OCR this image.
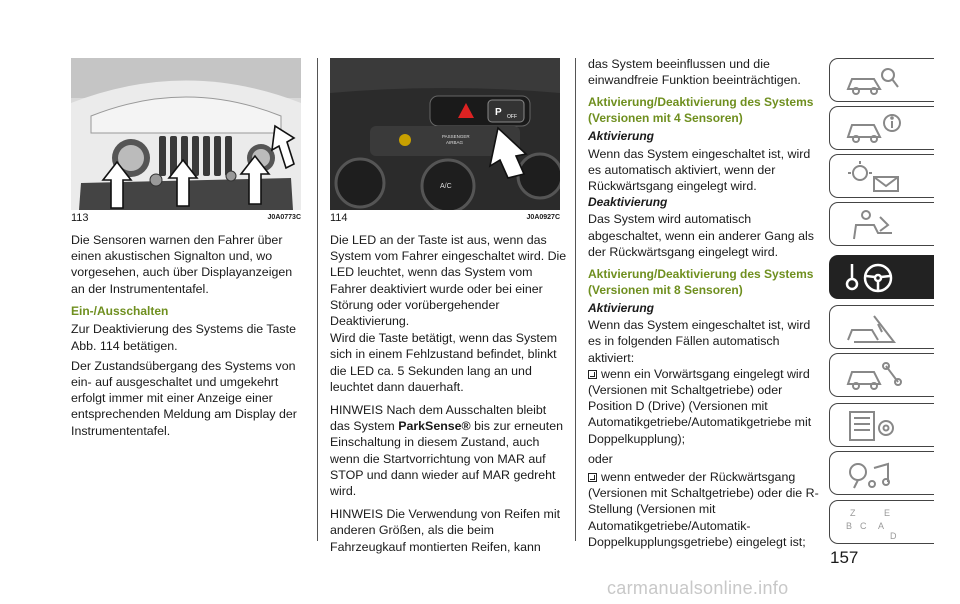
113	J0A0773C
P OFF
PASSENGER
AIRBAG
A/C
114	J0A0927C

Die Sensoren warnen den Fahrer über einen akustischen Signalton und, wo vorgesehen, auch über Displayanzeigen an der Instrumententafel.

Ein-/Ausschalten

Zur Deaktivierung des Systems die Taste Abb. 114 betätigen.

Der Zustandsübergang des Systems von ein- auf ausgeschaltet und umgekehrt erfolgt immer mit einer Anzeige einer entsprechenden Meldung am Display der Instrumententafel.

Die LED an der Taste ist aus, wenn das System vom Fahrer eingeschaltet wird. Die LED leuchtet, wenn das System vom Fahrer deaktiviert wurde oder bei einer Störung oder vorübergehender Deaktivierung.

Wird die Taste betätigt, wenn das System sich in einem Fehlzustand befindet, blinkt die LED ca. 5 Sekunden lang an und leuchtet dann dauerhaft.

HINWEIS Nach dem Ausschalten bleibt das System ParkSense® bis zur erneuten Einschaltung in diesem Zustand, auch wenn die Startvorrichtung von MAR auf STOP und dann wieder auf MAR gedreht wird.

HINWEIS Die Verwendung von Reifen mit anderen Größen, als die beim Fahrzeugkauf montierten Reifen, kann

das System beeinflussen und die einwandfreie Funktion beeinträchtigen.

Aktivierung/Deaktivierung des Systems (Versionen mit 4 Sensoren)
Aktivierung

Wenn das System eingeschaltet ist, wird es automatisch aktiviert, wenn der Rückwärtsgang eingelegt wird.

Deaktivierung

Das System wird automatisch abgeschaltet, wenn ein anderer Gang als der Rückwärtsgang eingelegt wird.

Aktivierung/Deaktivierung des Systems (Versionen mit 8 Sensoren)
Aktivierung

Wenn das System eingeschaltet ist, wird es in folgenden Fällen automatisch aktiviert:

wenn ein Vorwärtsgang eingelegt wird (Versionen mit Schaltgetriebe) oder Position D (Drive) (Versionen mit Automatikgetriebe/Automatikgetriebe mit Doppelkupplung);

oder

wenn entweder der Rückwärtsgang (Versionen mit Schaltgetriebe) oder die R-Stellung (Versionen mit Automatikgetriebe/Automatik-Doppelkupplungsgetriebe) eingelegt ist;

Z	E
B C A
D
157
carmanualsonline.info
